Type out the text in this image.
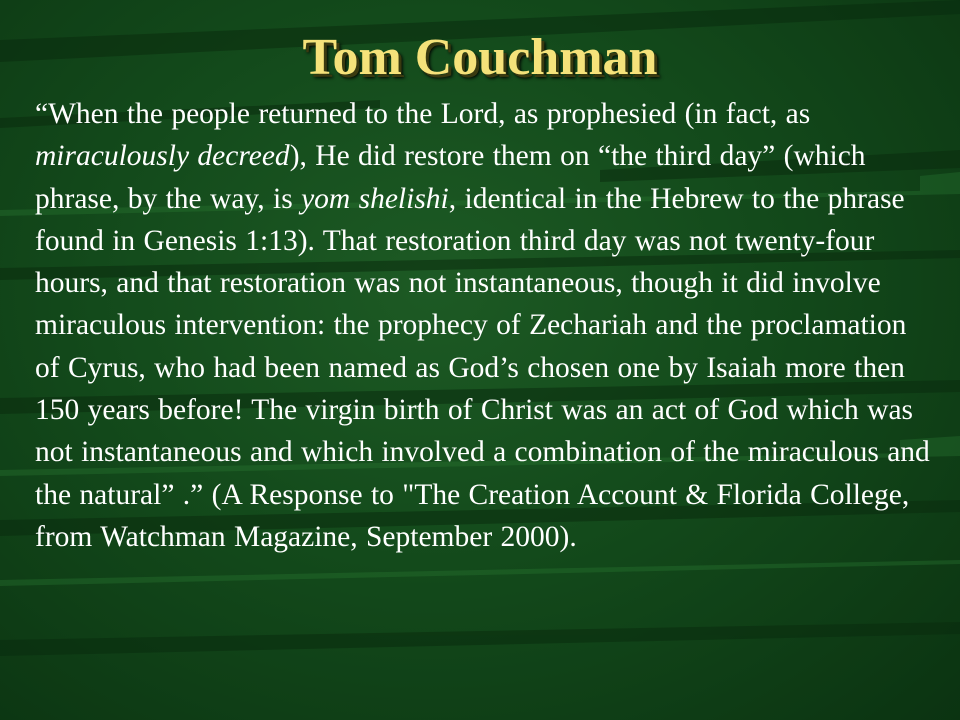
Tom Couchman

“When the people returned to the Lord, as prophesied (in fact, as miraculously decreed), He did restore them on “the third day” (which phrase, by the way, is yom shelishi, identical in the Hebrew to the phrase found in Genesis 1:13). That restoration third day was not twenty-four hours, and that restoration was not instantaneous, though it did involve miraculous intervention: the prophecy of Zechariah and the proclamation of Cyrus, who had been named as God’s chosen one by Isaiah more then 150 years before! The virgin birth of Christ was an act of God which was not instantaneous and which involved a combination of the miraculous and the natural” .” (A Response to "The Creation Account & Florida College, from Watchman Magazine, September 2000).
